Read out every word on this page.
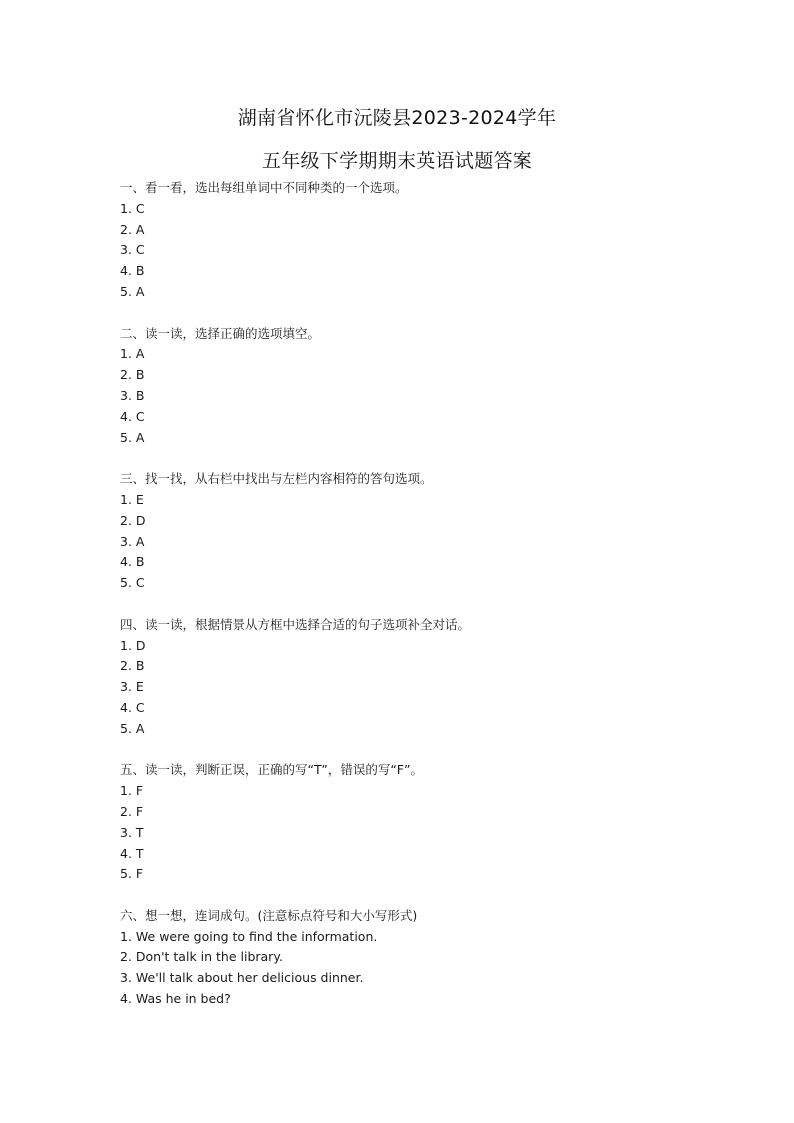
湖南省怀化市沅陵县2023-2024学年
五年级下学期期末英语试题答案
一、看一看，选出每组单词中不同种类的一个选项。
1. C
2. A
3. C
4. B
5. A
二、读一读，选择正确的选项填空。
1. A
2. B
3. B
4. C
5. A
三、找一找，从右栏中找出与左栏内容相符的答句选项。
1. E
2. D
3. A
4. B
5. C
四、读一读，根据情景从方框中选择合适的句子选项补全对话。
1. D
2. B
3. E
4. C
5. A
五、读一读，判断正误，正确的写“T”，错误的写“F”。
1. F
2. F
3. T
4. T
5. F
六、想一想，连词成句。(注意标点符号和大小写形式)
1. We were going to find the information.
2. Don't talk in the library.
3. We'll talk about her delicious dinner.
4. Was he in bed?
